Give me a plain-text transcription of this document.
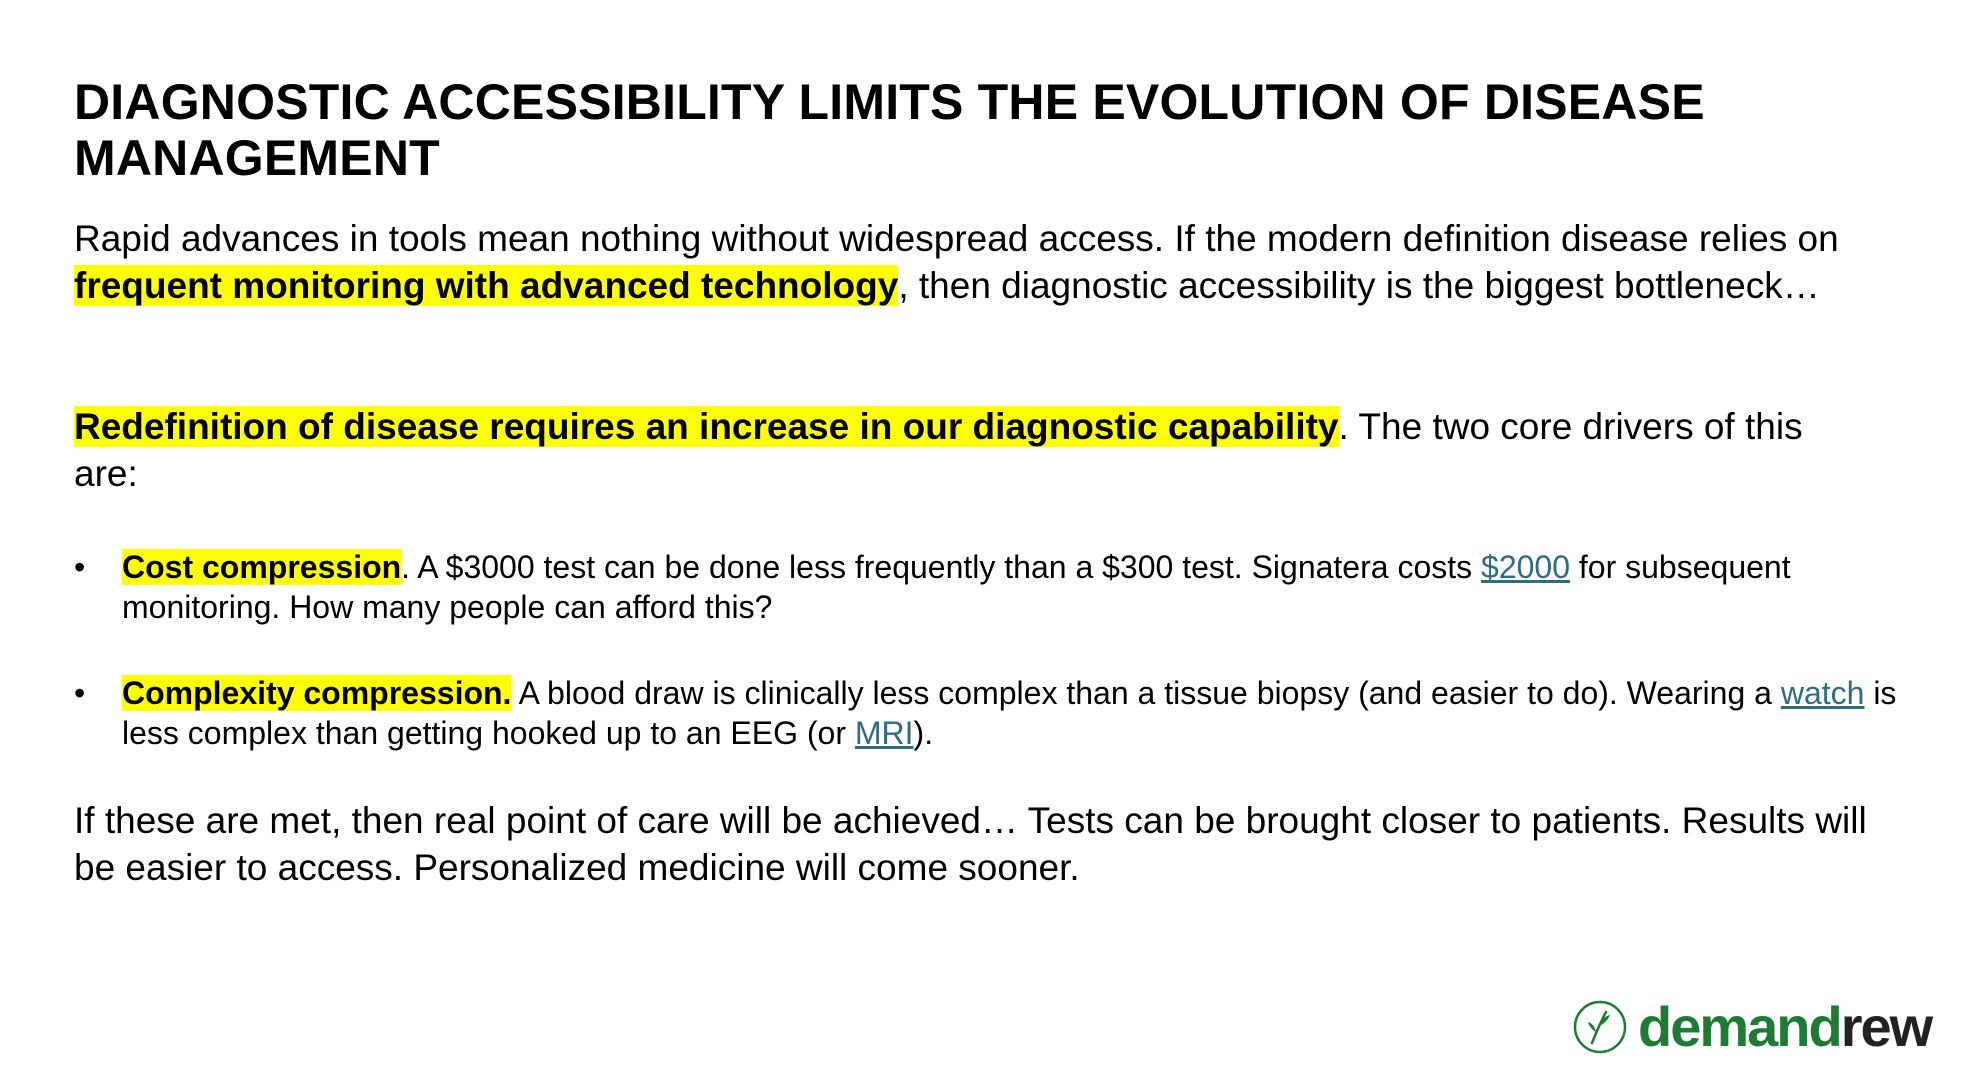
DIAGNOSTIC ACCESSIBILITY LIMITS THE EVOLUTION OF DISEASE
MANAGEMENT

Rapid advances in tools mean nothing without widespread access. If the modern definition disease relies on frequent monitoring with advanced technology, then diagnostic accessibility is the biggest bottleneck…

Redefinition of disease requires an increase in our diagnostic capability. The two core drivers of this are:

• Cost compression. A $3000 test can be done less frequently than a $300 test. Signatera costs $2000 for subsequent monitoring. How many people can afford this?
• Complexity compression. A blood draw is clinically less complex than a tissue biopsy (and easier to do). Wearing a watch is less complex than getting hooked up to an EEG (or MRI).

If these are met, then real point of care will be achieved… Tests can be brought closer to patients. Results will be easier to access. Personalized medicine will come sooner.

demandrew
